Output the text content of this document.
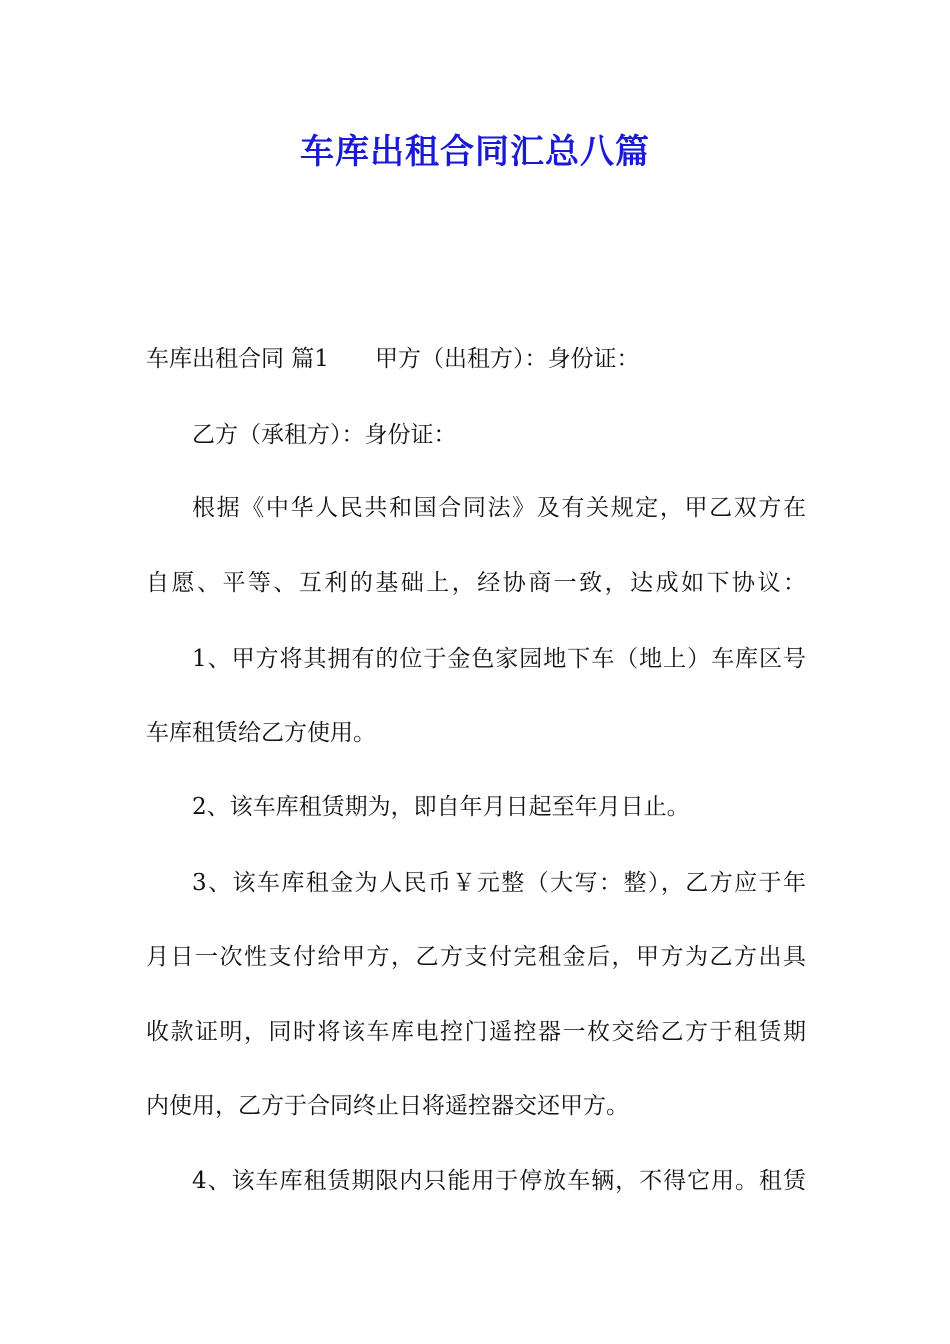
车库出租合同汇总八篇
车库出租合同 篇1 甲方（出租方）：身份证：
乙方（承租方）：身份证：
根据《中华人民共和国合同法》及有关规定，甲乙双方在
自愿、平等、互利的基础上，经协商一致，达成如下协议：
1、甲方将其拥有的位于金色家园地下车（地上）车库区号
车库租赁给乙方使用。
2、该车库租赁期为，即自年月日起至年月日止。
3、该车库租金为人民币￥元整（大写：整），乙方应于年
月日一次性支付给甲方，乙方支付完租金后，甲方为乙方出具
收款证明，同时将该车库电控门遥控器一枚交给乙方于租赁期
内使用，乙方于合同终止日将遥控器交还甲方。
4、该车库租赁期限内只能用于停放车辆，不得它用。租赁
